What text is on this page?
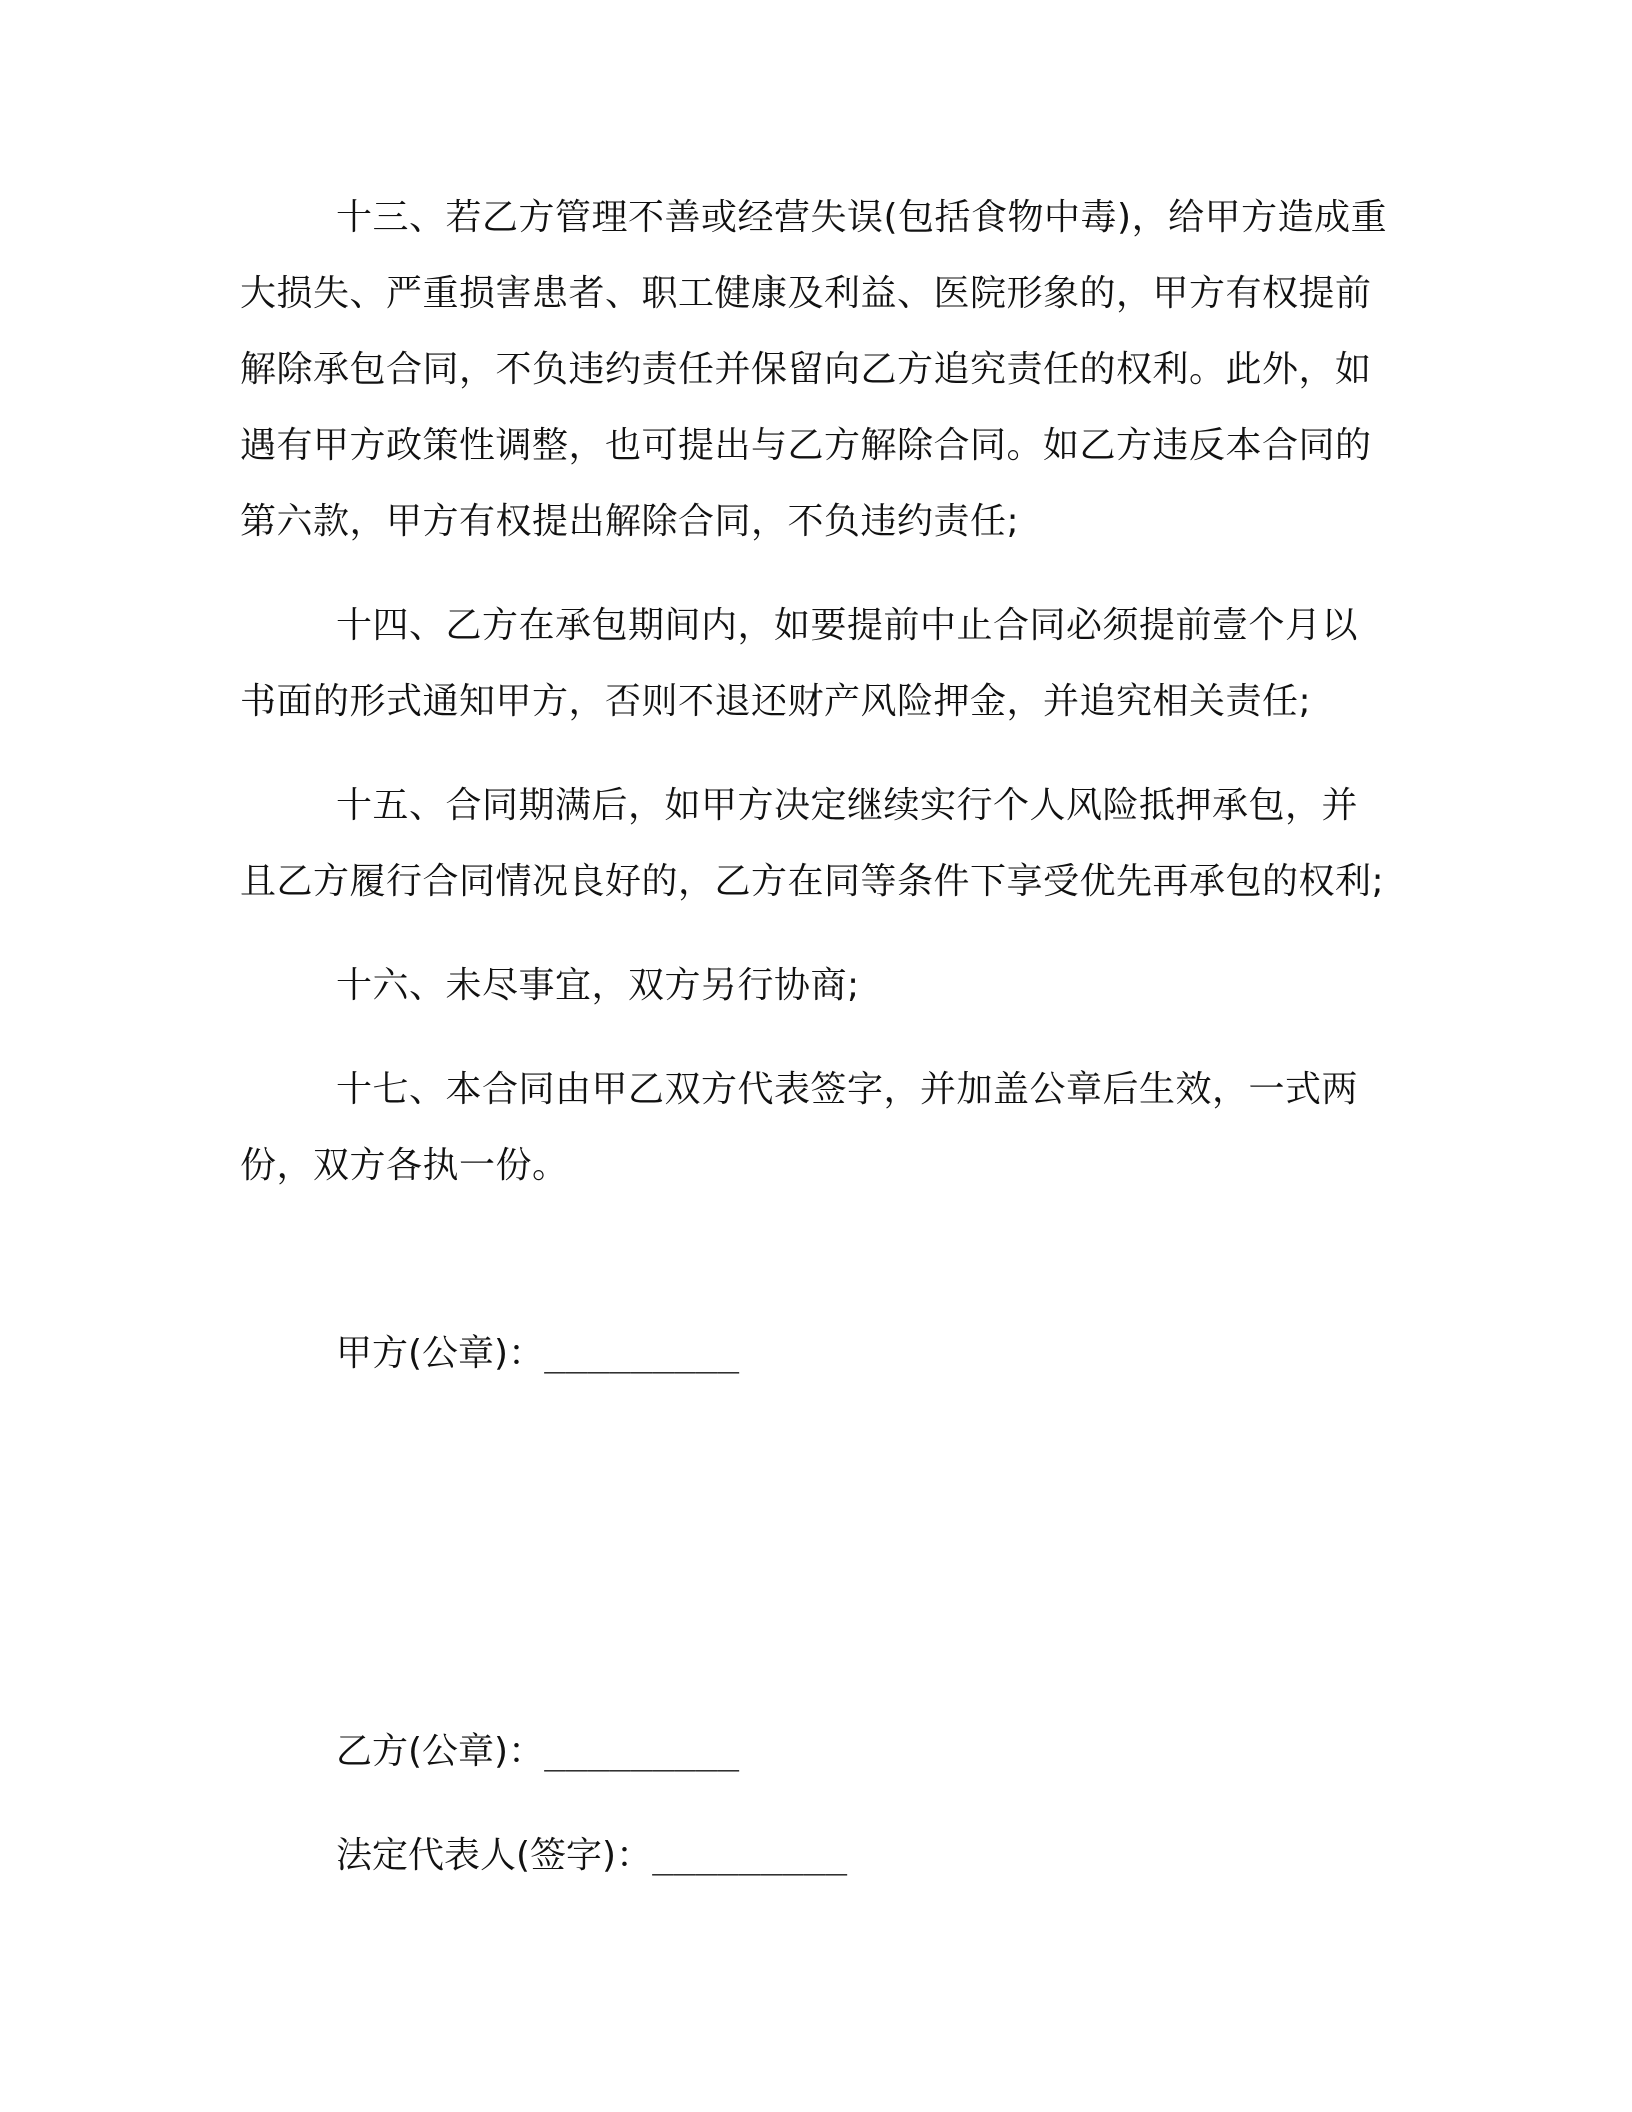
十三、若乙方管理不善或经营失误(包括食物中毒)，给甲方造成重大损失、严重损害患者、职工健康及利益、医院形象的，甲方有权提前解除承包合同，不负违约责任并保留向乙方追究责任的权利。此外，如遇有甲方政策性调整，也可提出与乙方解除合同。如乙方违反本合同的第六款，甲方有权提出解除合同，不负违约责任;

十四、乙方在承包期间内，如要提前中止合同必须提前壹个月以书面的形式通知甲方，否则不退还财产风险押金，并追究相关责任;

十五、合同期满后，如甲方决定继续实行个人风险抵押承包，并且乙方履行合同情况良好的，乙方在同等条件下享受优先再承包的权利;

十六、未尽事宜，双方另行协商;

十七、本合同由甲乙双方代表签字，并加盖公章后生效，一式两份，双方各执一份。

甲方(公章)：_________
乙方(公章)：_________
法定代表人(签字)：_________
